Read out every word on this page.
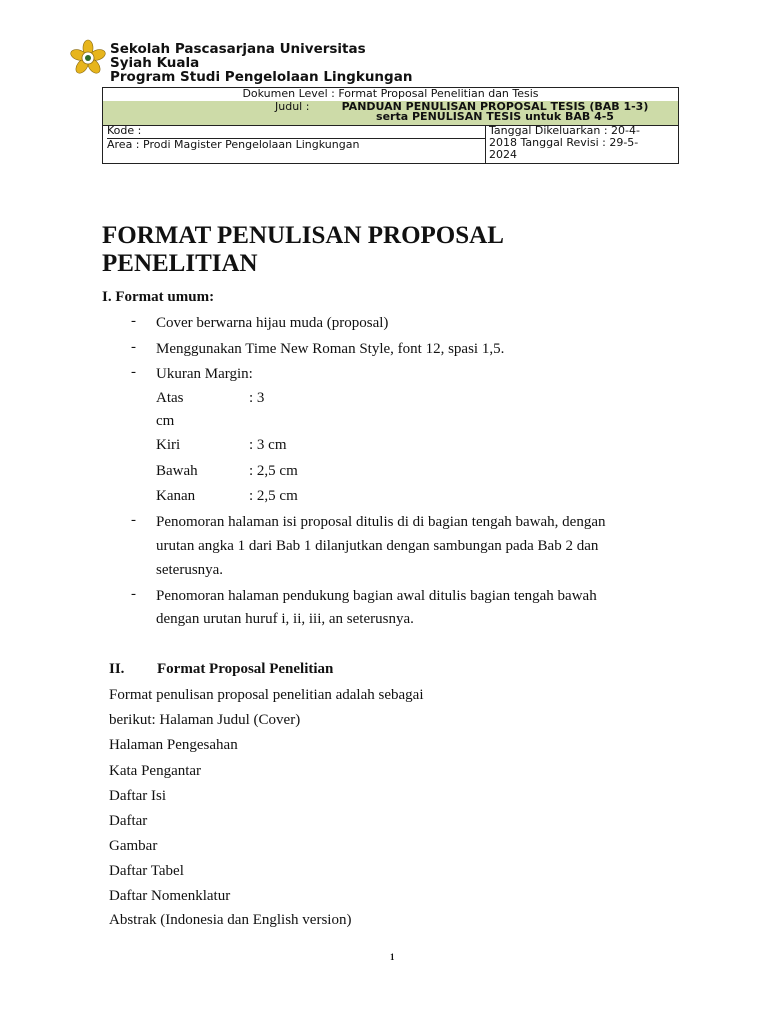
Sekolah Pascasarjana Universitas
Syiah Kuala
Program Studi Pengelolaan Lingkungan
Dokumen Level : Format Proposal Penelitian dan Tesis
Judul :	PANDUAN PENULISAN PROPOSAL TESIS (BAB 1-3)
serta PENULISAN TESIS untuk BAB 4-5
Kode :
Area : Prodi Magister Pengelolaan Lingkungan
Tanggal Dikeluarkan : 20-4-
2018 Tanggal Revisi : 29-5-
2024
FORMAT PENULISAN PROPOSAL
PENELITIAN
I. Format umum:
- Cover berwarna hijau muda (proposal)
- Menggunakan Time New Roman Style, font 12, spasi 1,5.
- Ukuran Margin:
Atas	: 3
cm
Kiri	: 3 cm
Bawah	: 2,5 cm
Kanan	: 2,5 cm
- Penomoran halaman isi proposal ditulis di di bagian tengah bawah, dengan
urutan angka 1 dari Bab 1 dilanjutkan dengan sambungan pada Bab 2 dan
seterusnya.
- Penomoran halaman pendukung bagian awal ditulis bagian tengah bawah
dengan urutan huruf i, ii, iii, an seterusnya.
II. Format Proposal Penelitian
Format penulisan proposal penelitian adalah sebagai
berikut: Halaman Judul (Cover)
Halaman Pengesahan
Kata Pengantar
Daftar Isi
Daftar
Gambar
Daftar Tabel
Daftar Nomenklatur
Abstrak (Indonesia dan English version)
1
